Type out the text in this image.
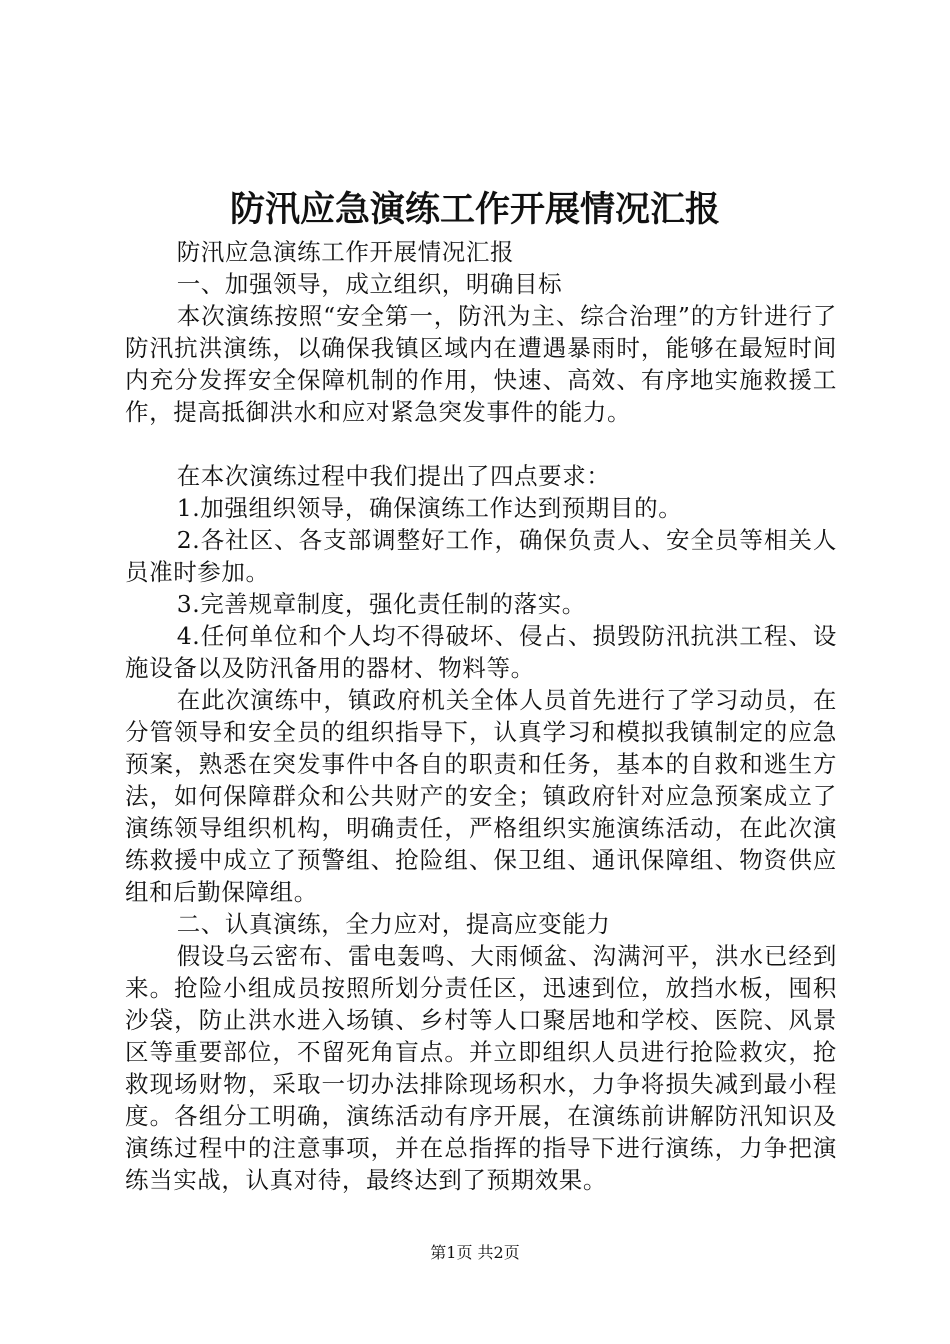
防汛应急演练工作开展情况汇报

防汛应急演练工作开展情况汇报

一、加强领导，成立组织，明确目标

本次演练按照“安全第一，防汛为主、综合治理”的方针进行了防汛抗洪演练，以确保我镇区域内在遭遇暴雨时，能够在最短时间内充分发挥安全保障机制的作用，快速、高效、有序地实施救援工作，提高抵御洪水和应对紧急突发事件的能力。

在本次演练过程中我们提出了四点要求：

1.加强组织领导，确保演练工作达到预期目的。

2.各社区、各支部调整好工作，确保负责人、安全员等相关人员准时参加。

3.完善规章制度，强化责任制的落实。

4.任何单位和个人均不得破坏、侵占、损毁防汛抗洪工程、设施设备以及防汛备用的器材、物料等。

在此次演练中，镇政府机关全体人员首先进行了学习动员，在分管领导和安全员的组织指导下，认真学习和模拟我镇制定的应急预案，熟悉在突发事件中各自的职责和任务，基本的自救和逃生方法，如何保障群众和公共财产的安全；镇政府针对应急预案成立了演练领导组织机构，明确责任，严格组织实施演练活动，在此次演练救援中成立了预警组、抢险组、保卫组、通讯保障组、物资供应组和后勤保障组。

二、认真演练，全力应对，提高应变能力

假设乌云密布、雷电轰鸣、大雨倾盆、沟满河平，洪水已经到来。抢险小组成员按照所划分责任区，迅速到位，放挡水板，囤积沙袋，防止洪水进入场镇、乡村等人口聚居地和学校、医院、风景区等重要部位，不留死角盲点。并立即组织人员进行抢险救灾，抢救现场财物，采取一切办法排除现场积水，力争将损失减到最小程度。各组分工明确，演练活动有序开展，在演练前讲解防汛知识及演练过程中的注意事项，并在总指挥的指导下进行演练，力争把演练当实战，认真对待，最终达到了预期效果。

第1页 共2页
